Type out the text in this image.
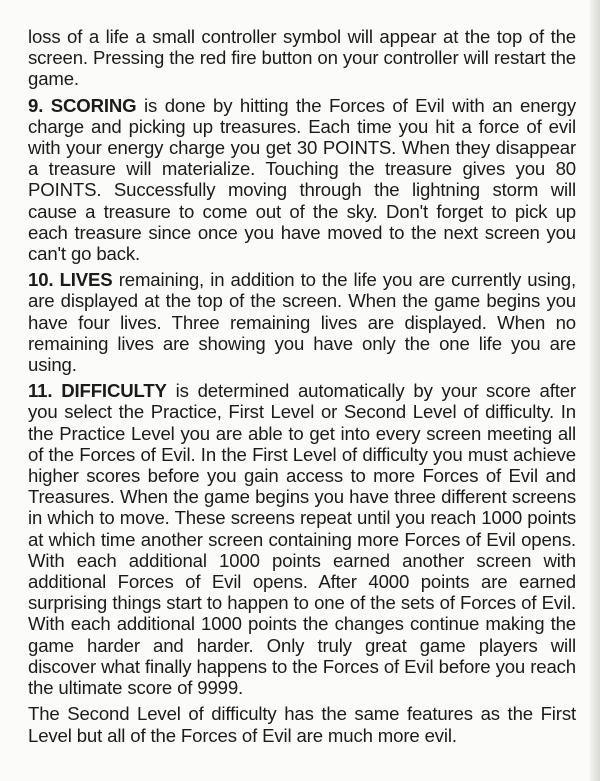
loss of a life a small controller symbol will appear at the top of the screen. Pressing the red fire button on your controller will restart the game.

9. SCORING is done by hitting the Forces of Evil with an energy charge and picking up treasures. Each time you hit a force of evil with your energy charge you get 30 POINTS. When they disappear a treasure will materialize. Touching the treasure gives you 80 POINTS. Successfully moving through the lightning storm will cause a treasure to come out of the sky. Don't forget to pick up each treasure since once you have moved to the next screen you can't go back.

10. LIVES remaining, in addition to the life you are currently using, are displayed at the top of the screen. When the game begins you have four lives. Three remaining lives are displayed. When no remaining lives are showing you have only the one life you are using.

11. DIFFICULTY is determined automatically by your score after you select the Practice, First Level or Second Level of difficulty. In the Practice Level you are able to get into every screen meeting all of the Forces of Evil. In the First Level of difficulty you must achieve higher scores before you gain access to more Forces of Evil and Treasures. When the game begins you have three different screens in which to move. These screens repeat until you reach 1000 points at which time another screen containing more Forces of Evil opens. With each additional 1000 points earned another screen with additional Forces of Evil opens. After 4000 points are earned surprising things start to happen to one of the sets of Forces of Evil. With each additional 1000 points the changes continue making the game harder and harder. Only truly great game players will discover what finally happens to the Forces of Evil before you reach the ultimate score of 9999.

The Second Level of difficulty has the same features as the First Level but all of the Forces of Evil are much more evil.
